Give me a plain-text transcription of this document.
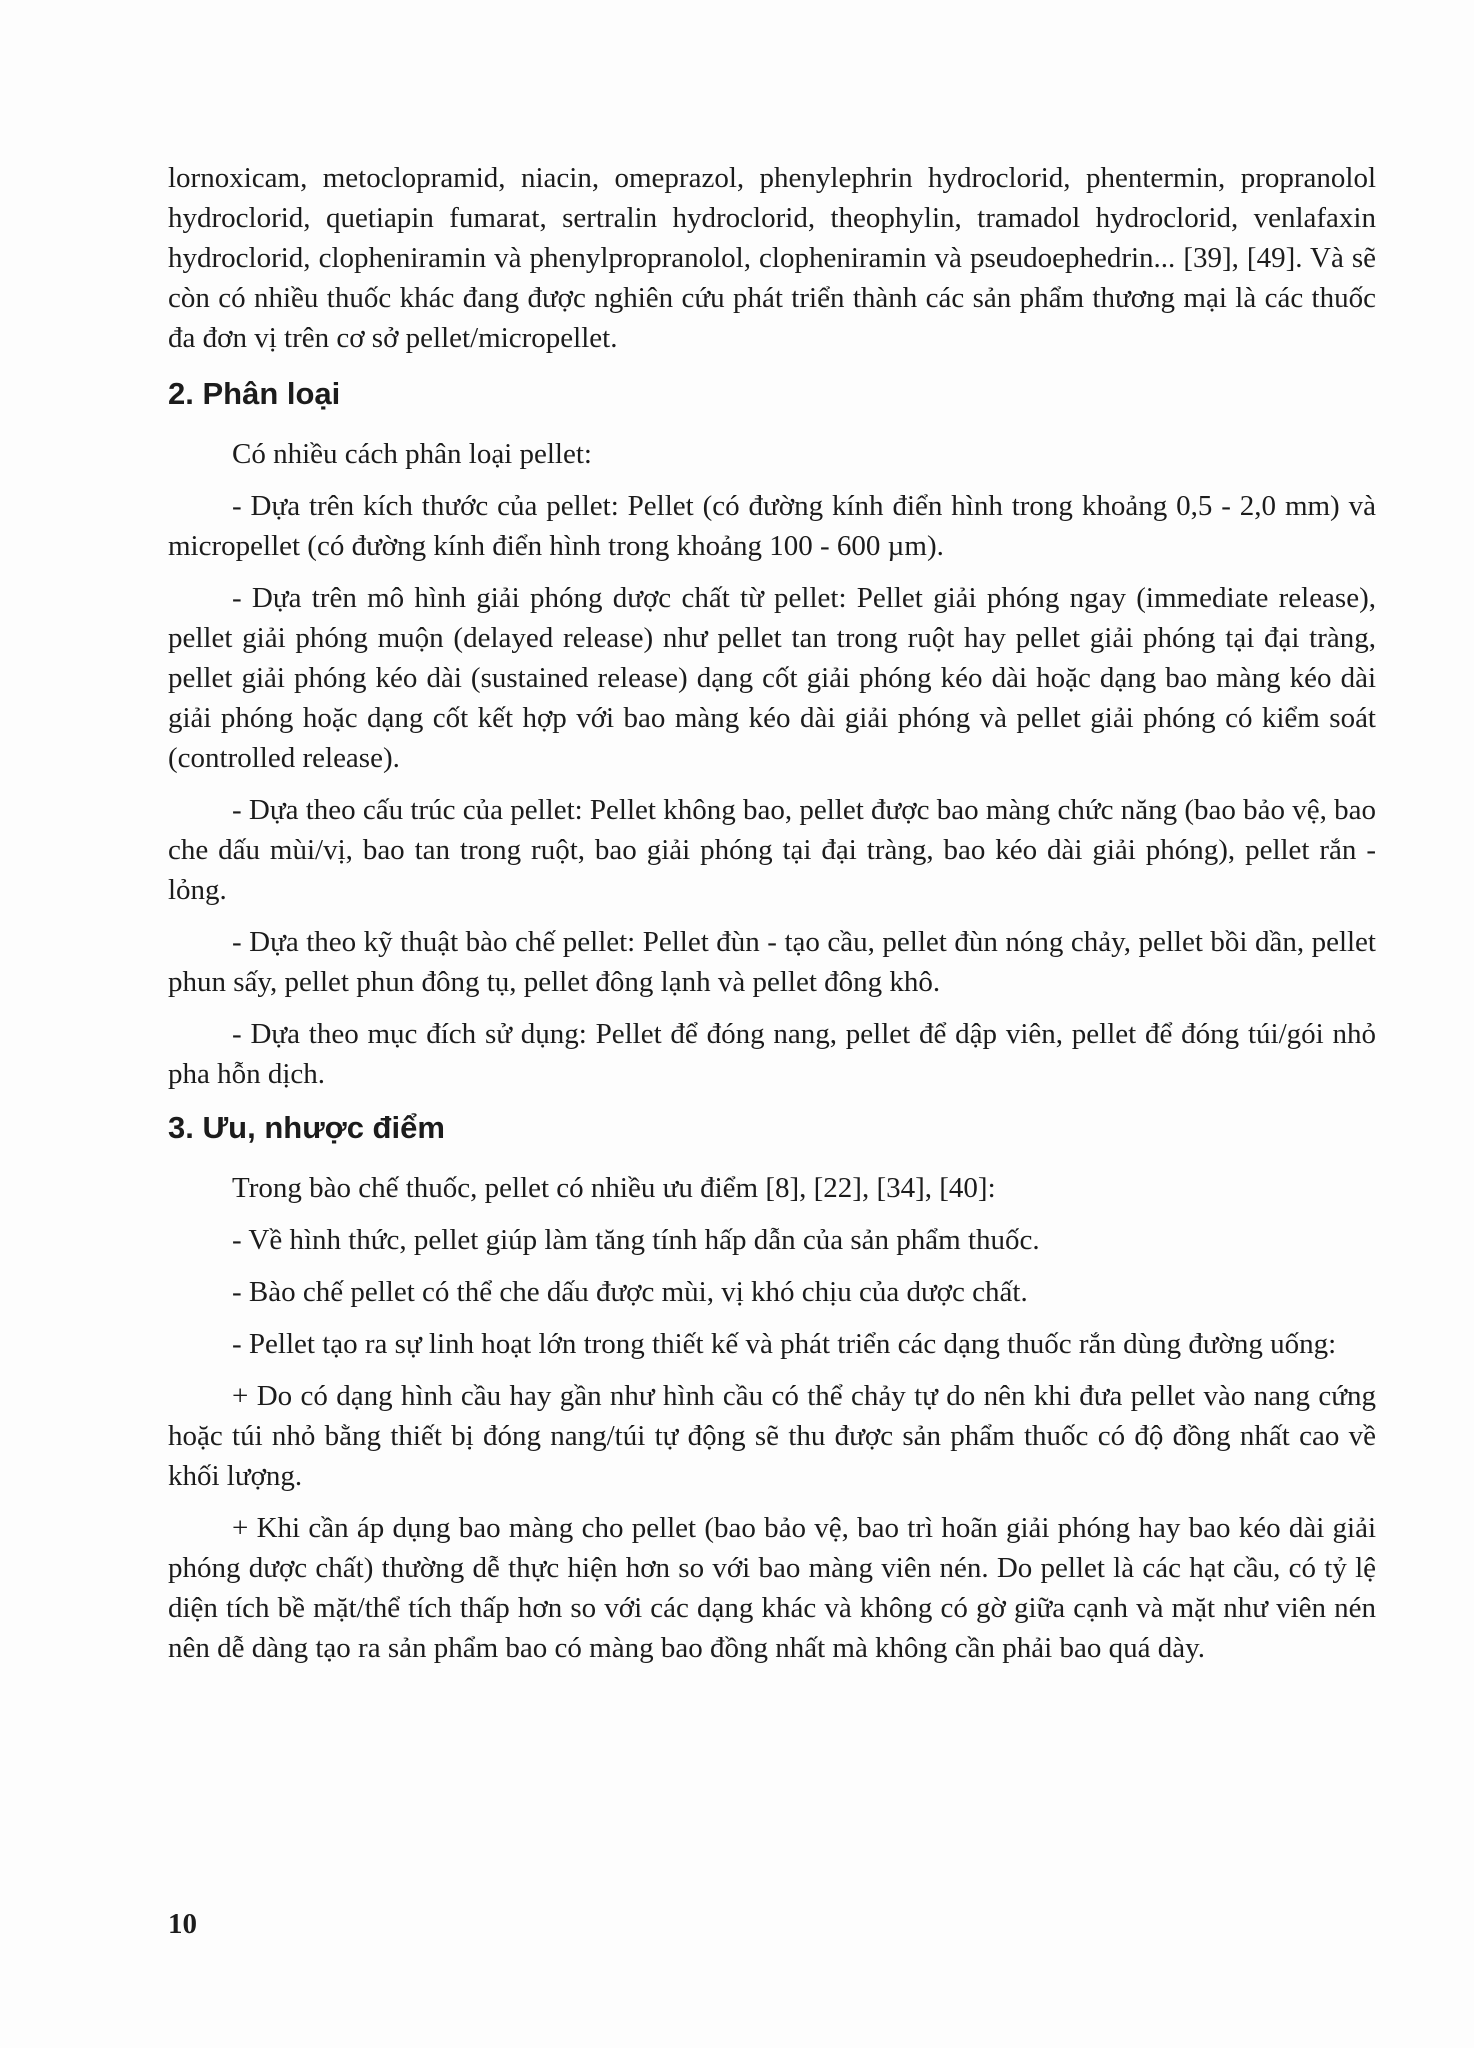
lornoxicam, metoclopramid, niacin, omeprazol, phenylephrin hydroclorid, phentermin, propranolol hydroclorid, quetiapin fumarat, sertralin hydroclorid, theophylin, tramadol hydroclorid, venlafaxin hydroclorid, clopheniramin và phenylpropranolol, clopheniramin và pseudoephedrin... [39], [49]. Và sẽ còn có nhiều thuốc khác đang được nghiên cứu phát triển thành các sản phẩm thương mại là các thuốc đa đơn vị trên cơ sở pellet/micropellet.

2. Phân loại

Có nhiều cách phân loại pellet:

- Dựa trên kích thước của pellet: Pellet (có đường kính điển hình trong khoảng 0,5 - 2,0 mm) và micropellet (có đường kính điển hình trong khoảng 100 - 600 µm).

- Dựa trên mô hình giải phóng dược chất từ pellet: Pellet giải phóng ngay (immediate release), pellet giải phóng muộn (delayed release) như pellet tan trong ruột hay pellet giải phóng tại đại tràng, pellet giải phóng kéo dài (sustained release) dạng cốt giải phóng kéo dài hoặc dạng bao màng kéo dài giải phóng hoặc dạng cốt kết hợp với bao màng kéo dài giải phóng và pellet giải phóng có kiểm soát (controlled release).

- Dựa theo cấu trúc của pellet: Pellet không bao, pellet được bao màng chức năng (bao bảo vệ, bao che dấu mùi/vị, bao tan trong ruột, bao giải phóng tại đại tràng, bao kéo dài giải phóng), pellet rắn - lỏng.

- Dựa theo kỹ thuật bào chế pellet: Pellet đùn - tạo cầu, pellet đùn nóng chảy, pellet bồi dần, pellet phun sấy, pellet phun đông tụ, pellet đông lạnh và pellet đông khô.

- Dựa theo mục đích sử dụng: Pellet để đóng nang, pellet để dập viên, pellet để đóng túi/gói nhỏ pha hỗn dịch.

3. Ưu, nhược điểm

Trong bào chế thuốc, pellet có nhiều ưu điểm [8], [22], [34], [40]:

- Về hình thức, pellet giúp làm tăng tính hấp dẫn của sản phẩm thuốc.

- Bào chế pellet có thể che dấu được mùi, vị khó chịu của dược chất.

- Pellet tạo ra sự linh hoạt lớn trong thiết kế và phát triển các dạng thuốc rắn dùng đường uống:

+ Do có dạng hình cầu hay gần như hình cầu có thể chảy tự do nên khi đưa pellet vào nang cứng hoặc túi nhỏ bằng thiết bị đóng nang/túi tự động sẽ thu được sản phẩm thuốc có độ đồng nhất cao về khối lượng.

+ Khi cần áp dụng bao màng cho pellet (bao bảo vệ, bao trì hoãn giải phóng hay bao kéo dài giải phóng dược chất) thường dễ thực hiện hơn so với bao màng viên nén. Do pellet là các hạt cầu, có tỷ lệ diện tích bề mặt/thể tích thấp hơn so với các dạng khác và không có gờ giữa cạnh và mặt như viên nén nên dễ dàng tạo ra sản phẩm bao có màng bao đồng nhất mà không cần phải bao quá dày.

10
